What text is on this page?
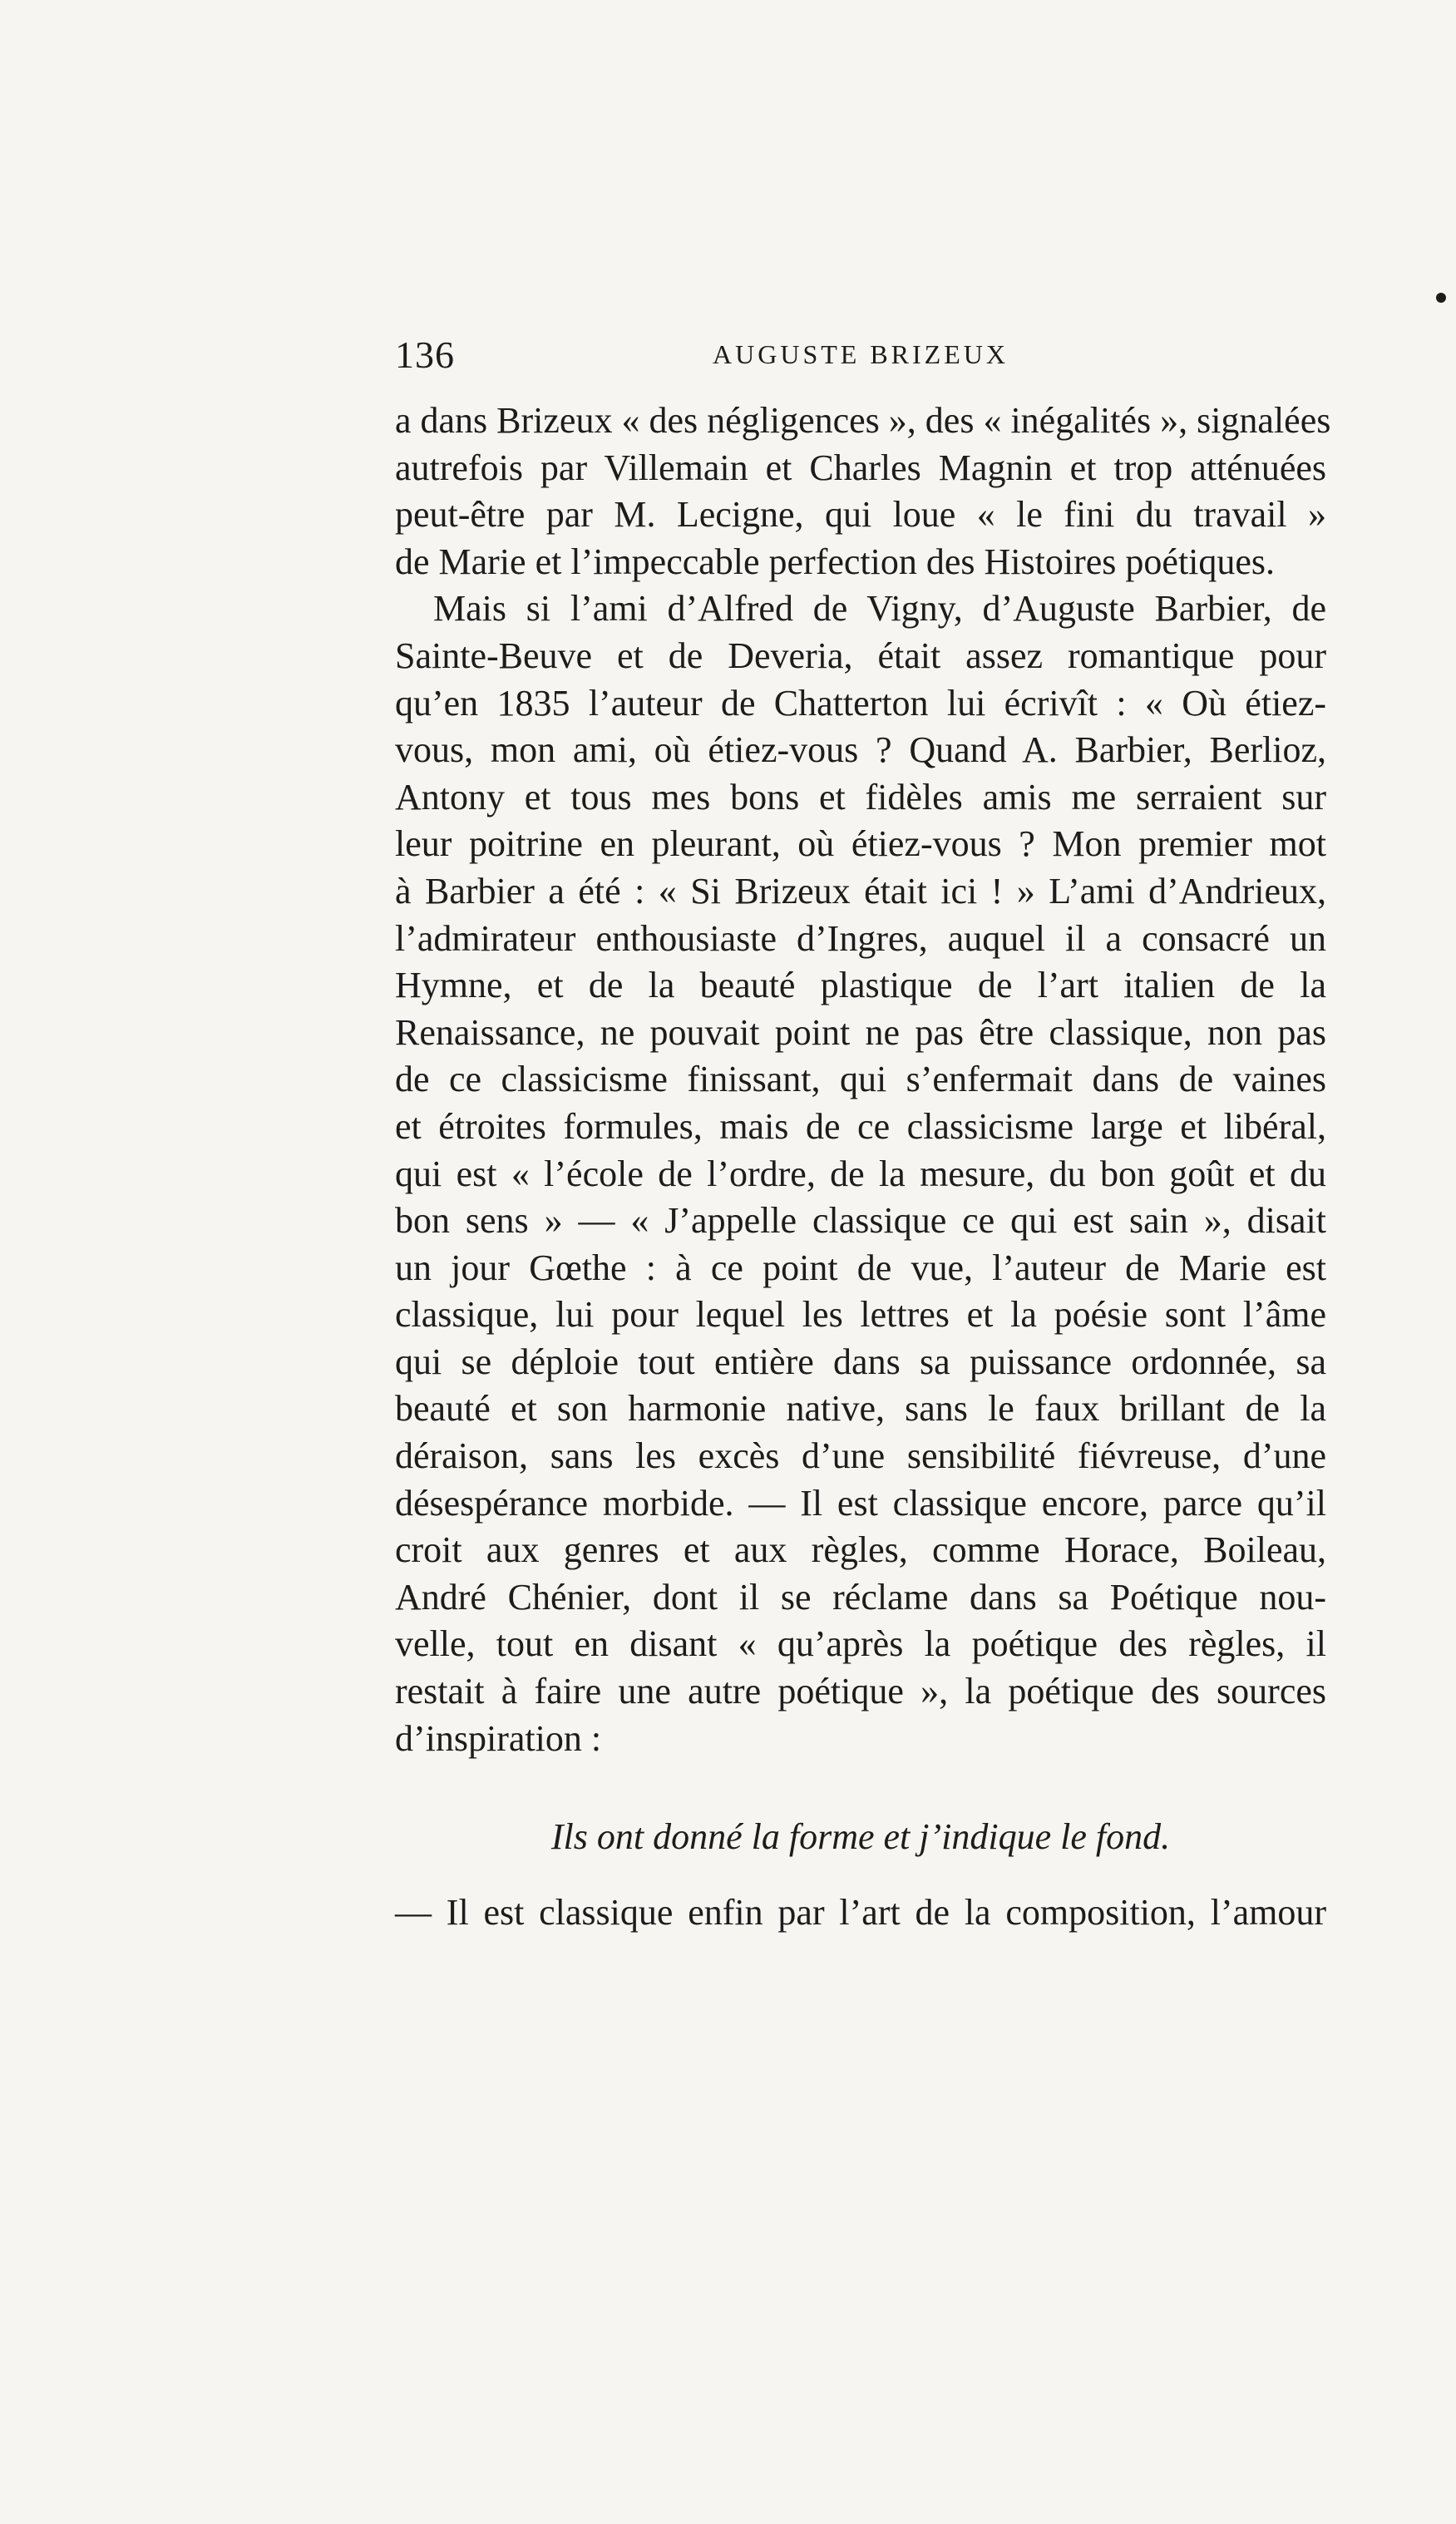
136	AUGUSTE BRIZEUX
a dans Brizeux « des négligences », des « inégalités », signalées
autrefois par Villemain et Charles Magnin et trop atténuées
peut-être par M. Lecigne, qui loue « le fini du travail »
de Marie et l’impeccable perfection des Histoires poétiques.
Mais si l’ami d’Alfred de Vigny, d’Auguste Barbier, de
Sainte-Beuve et de Deveria, était assez romantique pour
qu’en 1835 l’auteur de Chatterton lui écrivît : « Où étiez-
vous, mon ami, où étiez-vous ? Quand A. Barbier, Berlioz,
Antony et tous mes bons et fidèles amis me serraient sur
leur poitrine en pleurant, où étiez-vous ? Mon premier mot
à Barbier a été : « Si Brizeux était ici ! » L’ami d’Andrieux,
l’admirateur enthousiaste d’Ingres, auquel il a consacré un
Hymne, et de la beauté plastique de l’art italien de la
Renaissance, ne pouvait point ne pas être classique, non pas
de ce classicisme finissant, qui s’enfermait dans de vaines
et étroites formules, mais de ce classicisme large et libéral,
qui est « l’école de l’ordre, de la mesure, du bon goût et du
bon sens » — « J’appelle classique ce qui est sain », disait
un jour Gœthe : à ce point de vue, l’auteur de Marie est
classique, lui pour lequel les lettres et la poésie sont l’âme
qui se déploie tout entière dans sa puissance ordonnée, sa
beauté et son harmonie native, sans le faux brillant de la
déraison, sans les excès d’une sensibilité fiévreuse, d’une
désespérance morbide. — Il est classique encore, parce qu’il
croit aux genres et aux règles, comme Horace, Boileau,
André Chénier, dont il se réclame dans sa Poétique nou-
velle, tout en disant « qu’après la poétique des règles, il
restait à faire une autre poétique », la poétique des sources
d’inspiration :
Ils ont donné la forme et j’indique le fond.
— Il est classique enfin par l’art de la composition, l’amour
